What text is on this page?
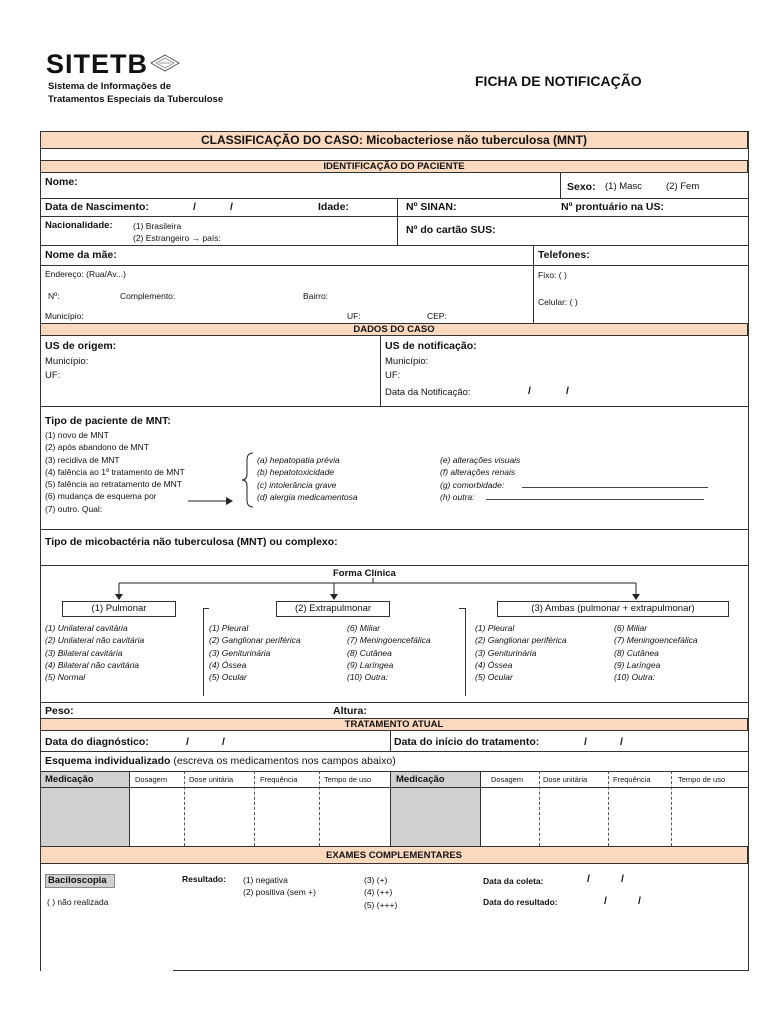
SITETB
Sistema de Informações de
Tratamentos Especiais da Tuberculose
FICHA DE NOTIFICAÇÃO
CLASSIFICAÇÃO DO CASO: Micobacteriose não tuberculosa (MNT)
IDENTIFICAÇÃO DO PACIENTE
Nome:	Sexo: (1) Masc	(2) Fem
Data de Nascimento:	/	/	Idade:	Nº SINAN:	Nº prontuário na US:
Nacionalidade: (1) Brasileira
(2) Estrangeiro → país:
Nº do cartão SUS:
Nome da mãe:	Telefones:
Endereço: (Rua/Av...)	Fixo: ( )
Nº:	Complemento:	Bairro:
Celular: ( )
Município:	UF:	CEP:
DADOS DO CASO
US de origem:
Município:
UF:
US de notificação:
Município:
UF:
Data da Notificação:	/	/
Tipo de paciente de MNT:
(1) novo de MNT
(2) após abandono de MNT
(3) recidiva de MNT
(4) falência ao 1º tratamento de MNT
(5) falência ao retratamento de MNT
(6) mudança de esquema por
(7) outro. Qual:
(a) hepatopatia prévia
(b) hepatotoxicidade
(c) intolerância grave
(d) alergia medicamentosa
(e) alterações visuais
(f) alterações renais
(g) comorbidade:
(h) outra:
Tipo de micobactéria não tuberculosa (MNT) ou complexo:
Forma Clínica
(1) Pulmonar	(2) Extrapulmonar	(3) Ambas (pulmonar + extrapulmonar)
(1) Unilateral cavitária
(2) Unilateral não cavitária
(3) Bilateral cavitária
(4) Bilateral não cavitária
(5) Normal
(1) Pleural
(2) Ganglionar periférica
(3) Geniturinária
(4) Óssea
(5) Ocular
(6) Miliar
(7) Meningoencefálica
(8) Cutânea
(9) Laríngea
(10) Outra:
(1) Pleural
(2) Ganglionar periférica
(3) Geniturinária
(4) Óssea
(5) Ocular
(6) Miliar
(7) Meningoencefálica
(8) Cutânea
(9) Laríngea
(10) Outra:
Peso:	Altura:
TRATAMENTO ATUAL
Data do diagnóstico:	/	/	Data do início do tratamento:	/	/
Esquema individualizado (escreva os medicamentos nos campos abaixo)
Medicação	Dosagem	Dose unitária	Frequência	Tempo de uso	Medicação	Dosagem	Dose unitária	Frequência	Tempo de uso
EXAMES COMPLEMENTARES
Baciloscopia
( ) não realizada
Resultado: (1) negativa
(2) positiva (sem +)
(3) (+)
(4) (++)
(5) (+++)
Data da coleta:	/	/
Data do resultado:	/	/
